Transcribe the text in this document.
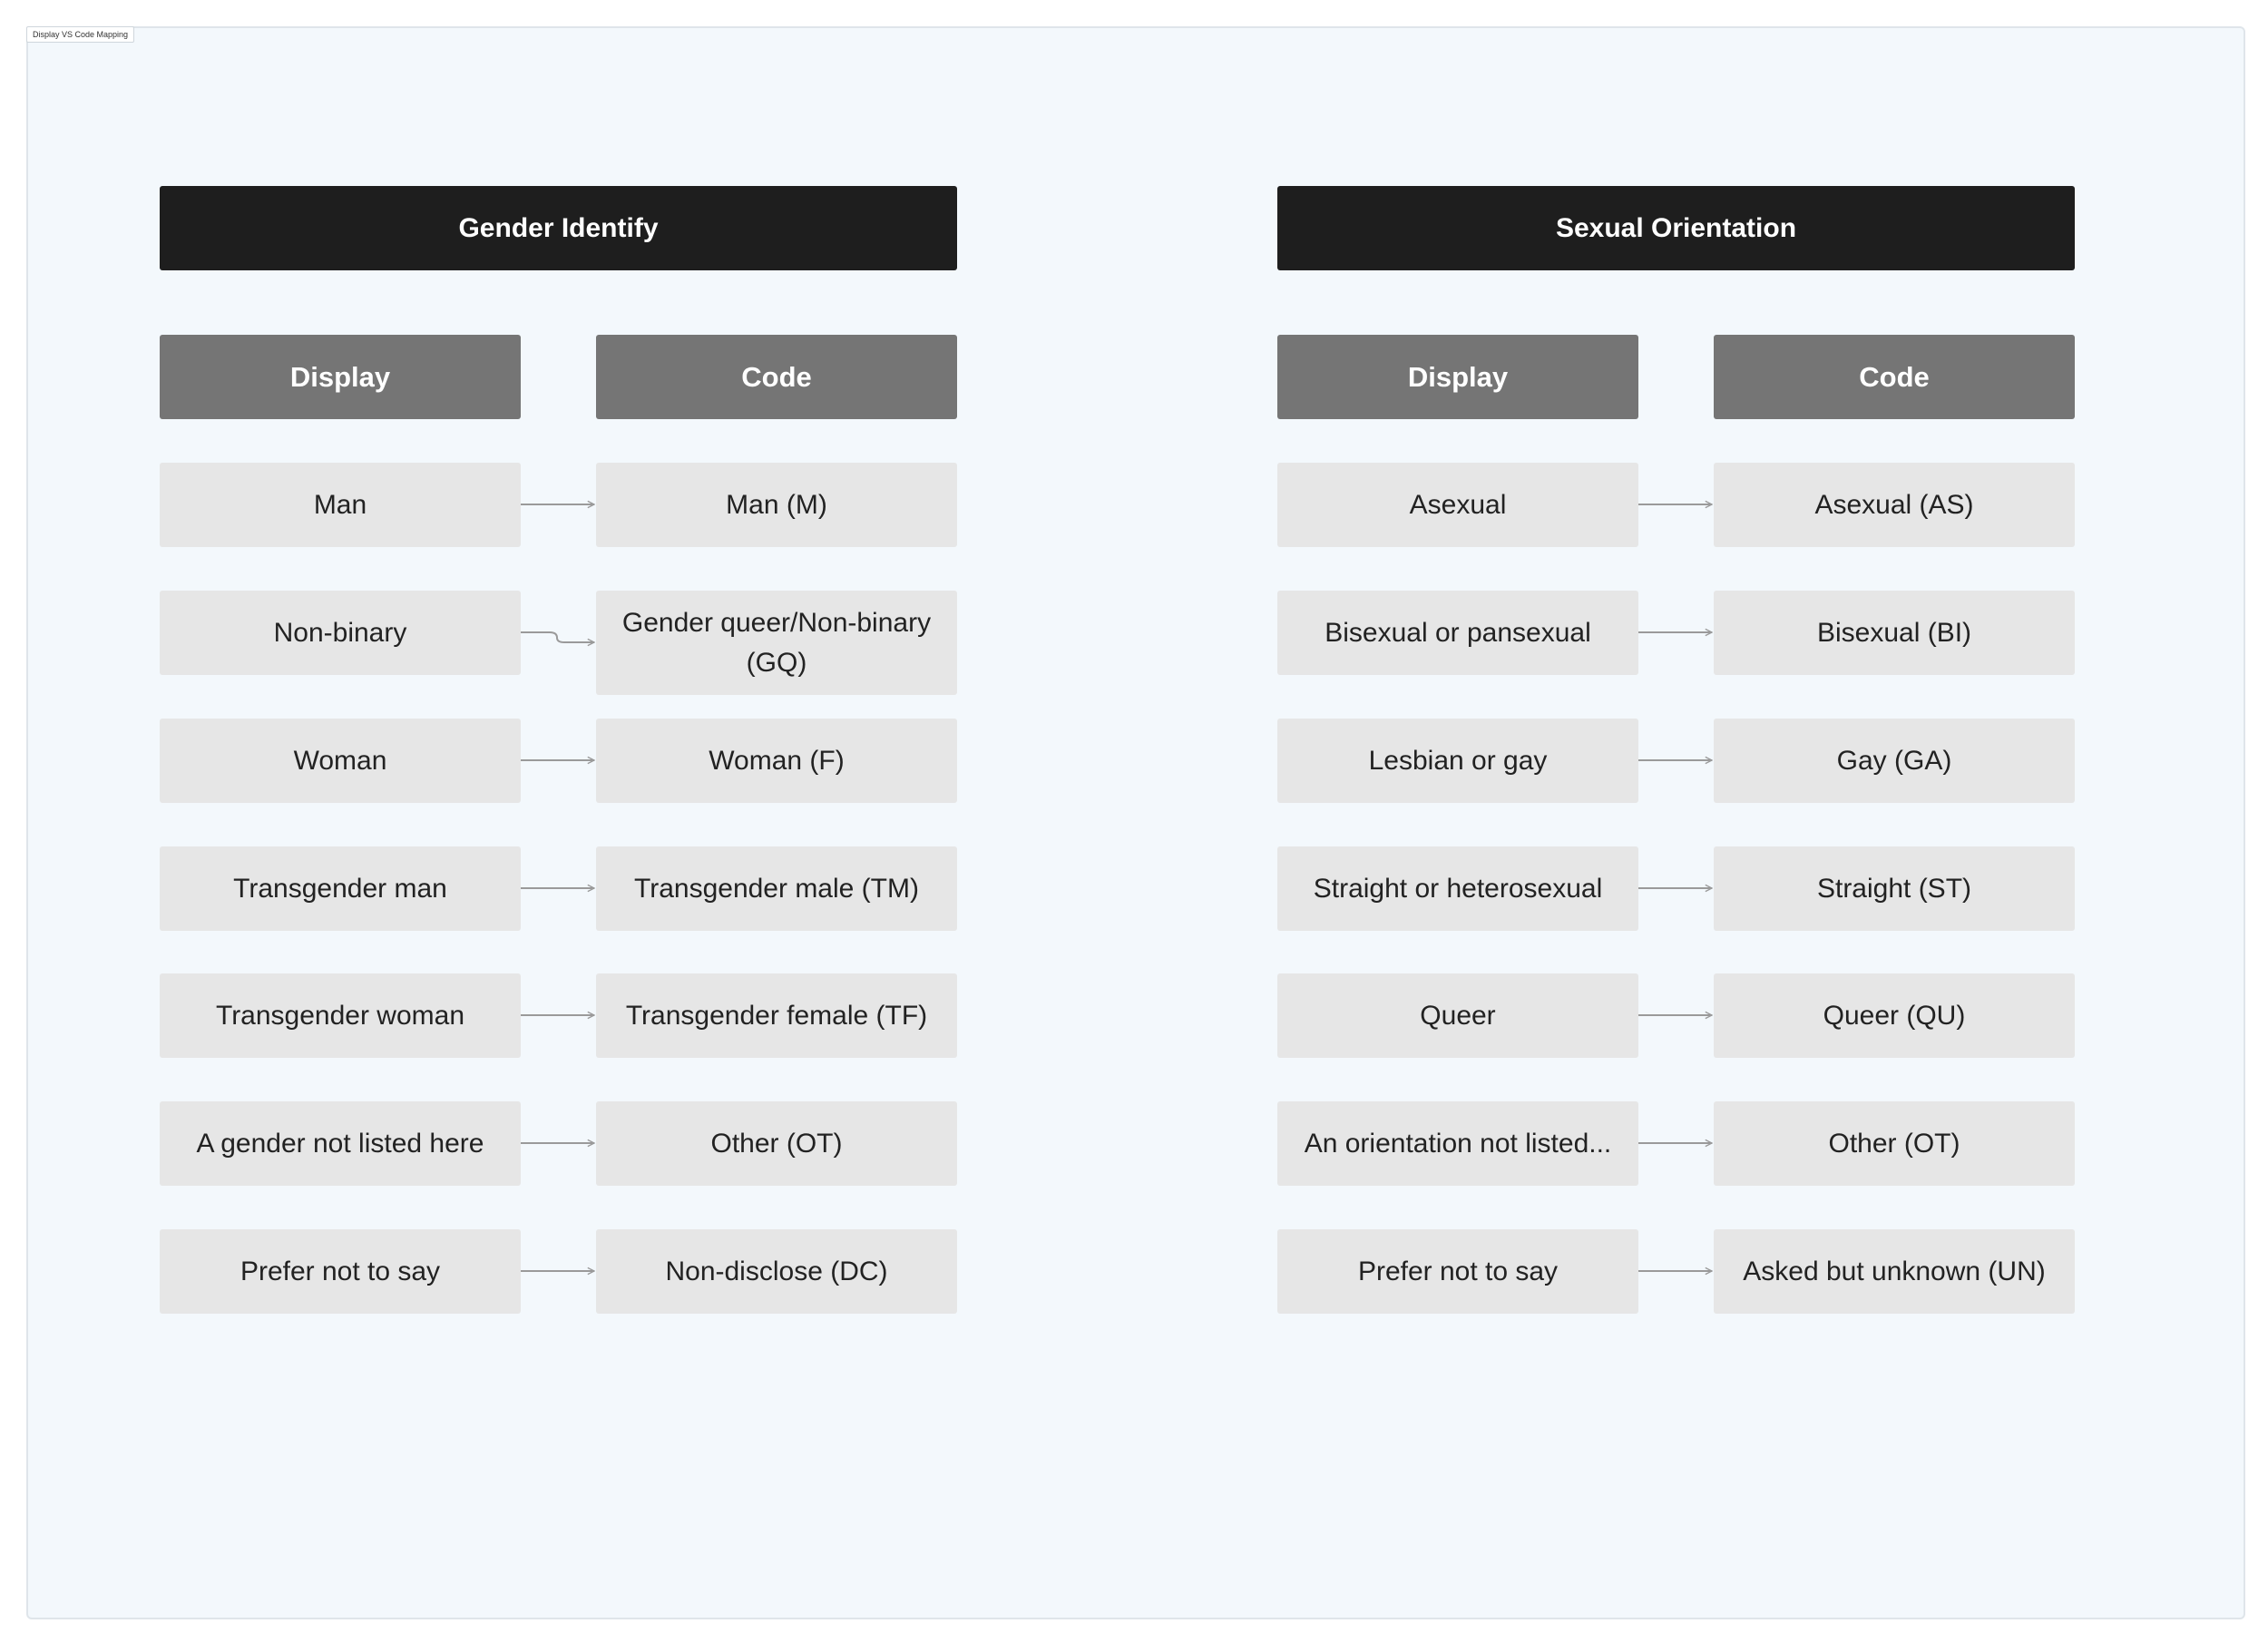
Display VS Code Mapping
Gender Identify
Display	Code
Man	Man (M)
Non-binary	Gender queer/Non-binary (GQ)
Woman	Woman (F)
Transgender man	Transgender male (TM)
Transgender woman	Transgender female (TF)
A gender not listed here	Other (OT)
Prefer not to say	Non-disclose (DC)
Sexual Orientation
Display	Code
Asexual	Asexual (AS)
Bisexual or pansexual	Bisexual (BI)
Lesbian or gay	Gay (GA)
Straight or heterosexual	Straight (ST)
Queer	Queer (QU)
An orientation not listed...	Other (OT)
Prefer not to say	Asked but unknown (UN)
